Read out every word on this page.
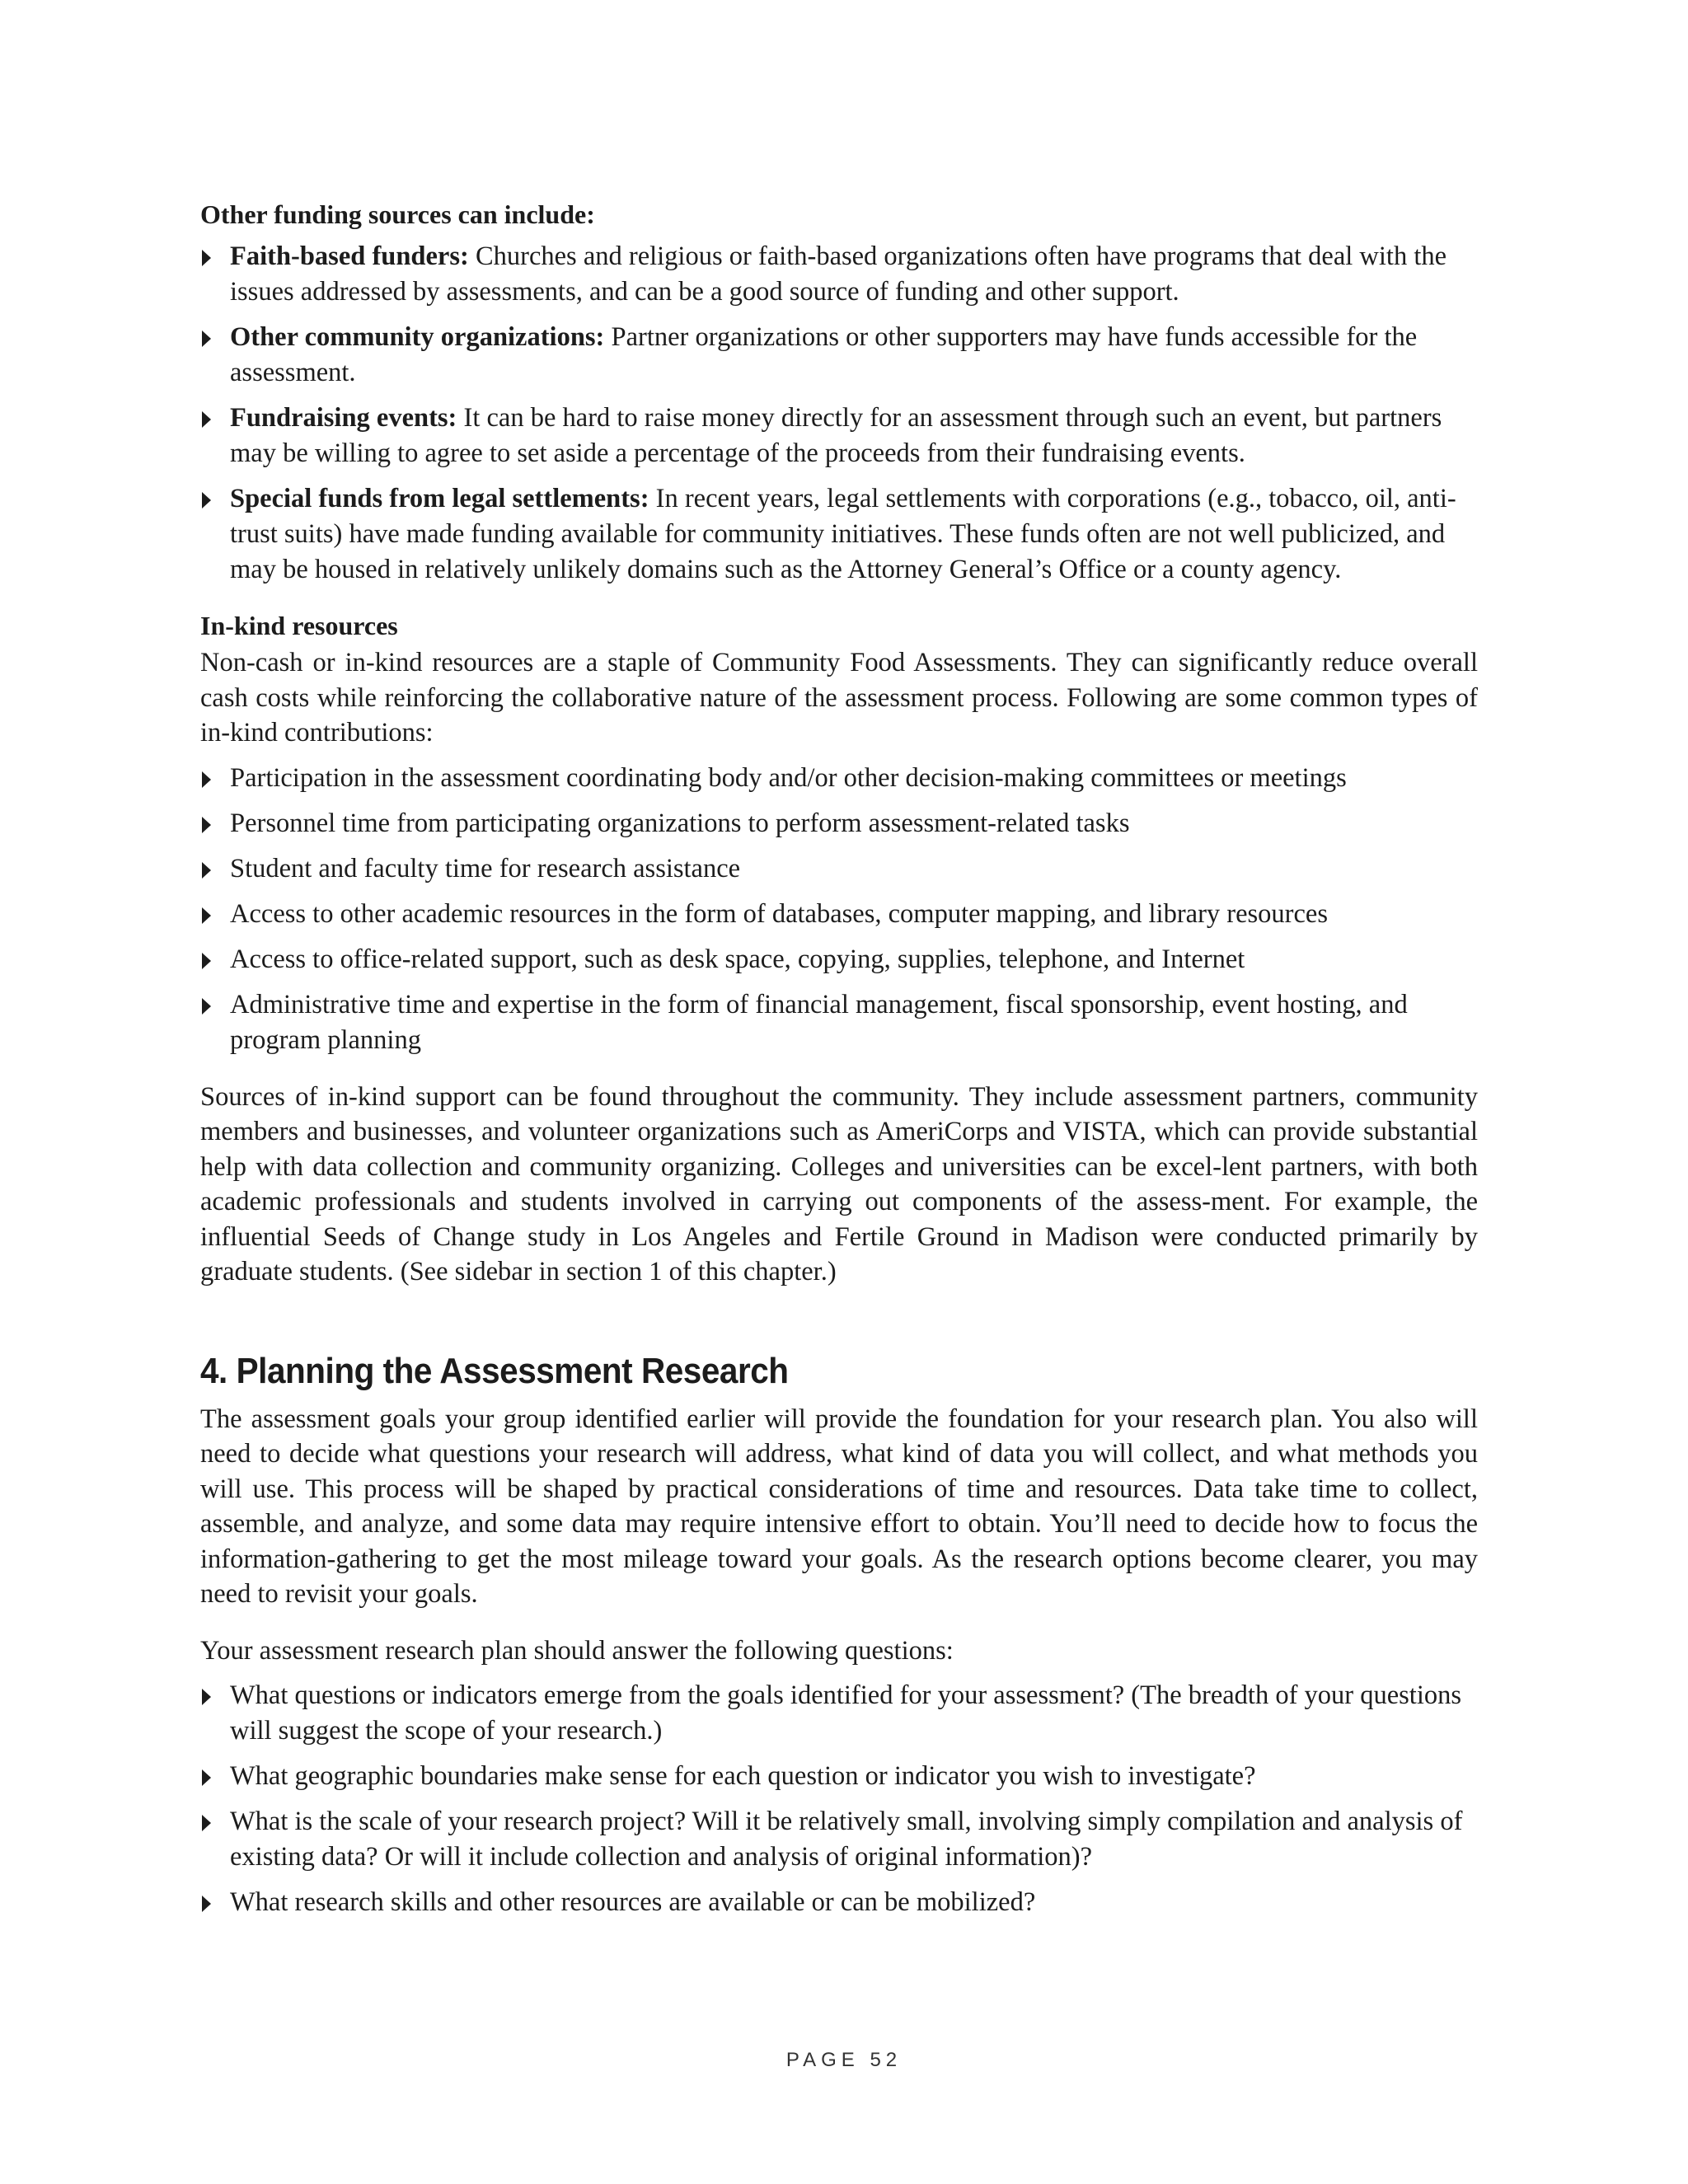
Other funding sources can include:
Faith-based funders: Churches and religious or faith-based organizations often have programs that deal with the issues addressed by assessments, and can be a good source of funding and other support.
Other community organizations: Partner organizations or other supporters may have funds accessible for the assessment.
Fundraising events: It can be hard to raise money directly for an assessment through such an event, but partners may be willing to agree to set aside a percentage of the proceeds from their fundraising events.
Special funds from legal settlements: In recent years, legal settlements with corporations (e.g., tobacco, oil, anti-trust suits) have made funding available for community initiatives. These funds often are not well publicized, and may be housed in relatively unlikely domains such as the Attorney General’s Office or a county agency.
In-kind resources

Non-cash or in-kind resources are a staple of Community Food Assessments. They can significantly reduce overall cash costs while reinforcing the collaborative nature of the assessment process. Following are some common types of in-kind contributions:

Participation in the assessment coordinating body and/or other decision-making committees or meetings
Personnel time from participating organizations to perform assessment-related tasks
Student and faculty time for research assistance
Access to other academic resources in the form of databases, computer mapping, and library resources
Access to office-related support, such as desk space, copying, supplies, telephone, and Internet
Administrative time and expertise in the form of financial management, fiscal sponsorship, event hosting, and program planning

Sources of in-kind support can be found throughout the community. They include assessment partners, community members and businesses, and volunteer organizations such as AmeriCorps and VISTA, which can provide substantial help with data collection and community organizing. Colleges and universities can be excel-lent partners, with both academic professionals and students involved in carrying out components of the assess-ment. For example, the influential Seeds of Change study in Los Angeles and Fertile Ground in Madison were conducted primarily by graduate students. (See sidebar in section 1 of this chapter.)

4. Planning the Assessment Research

The assessment goals your group identified earlier will provide the foundation for your research plan. You also will need to decide what questions your research will address, what kind of data you will collect, and what methods you will use. This process will be shaped by practical considerations of time and resources. Data take time to collect, assemble, and analyze, and some data may require intensive effort to obtain. You’ll need to decide how to focus the information-gathering to get the most mileage toward your goals. As the research options become clearer, you may need to revisit your goals.

Your assessment research plan should answer the following questions:

What questions or indicators emerge from the goals identified for your assessment? (The breadth of your questions will suggest the scope of your research.)
What geographic boundaries make sense for each question or indicator you wish to investigate?
What is the scale of your research project? Will it be relatively small, involving simply compilation and analysis of existing data? Or will it include collection and analysis of original information)?
What research skills and other resources are available or can be mobilized?
PAGE 52
